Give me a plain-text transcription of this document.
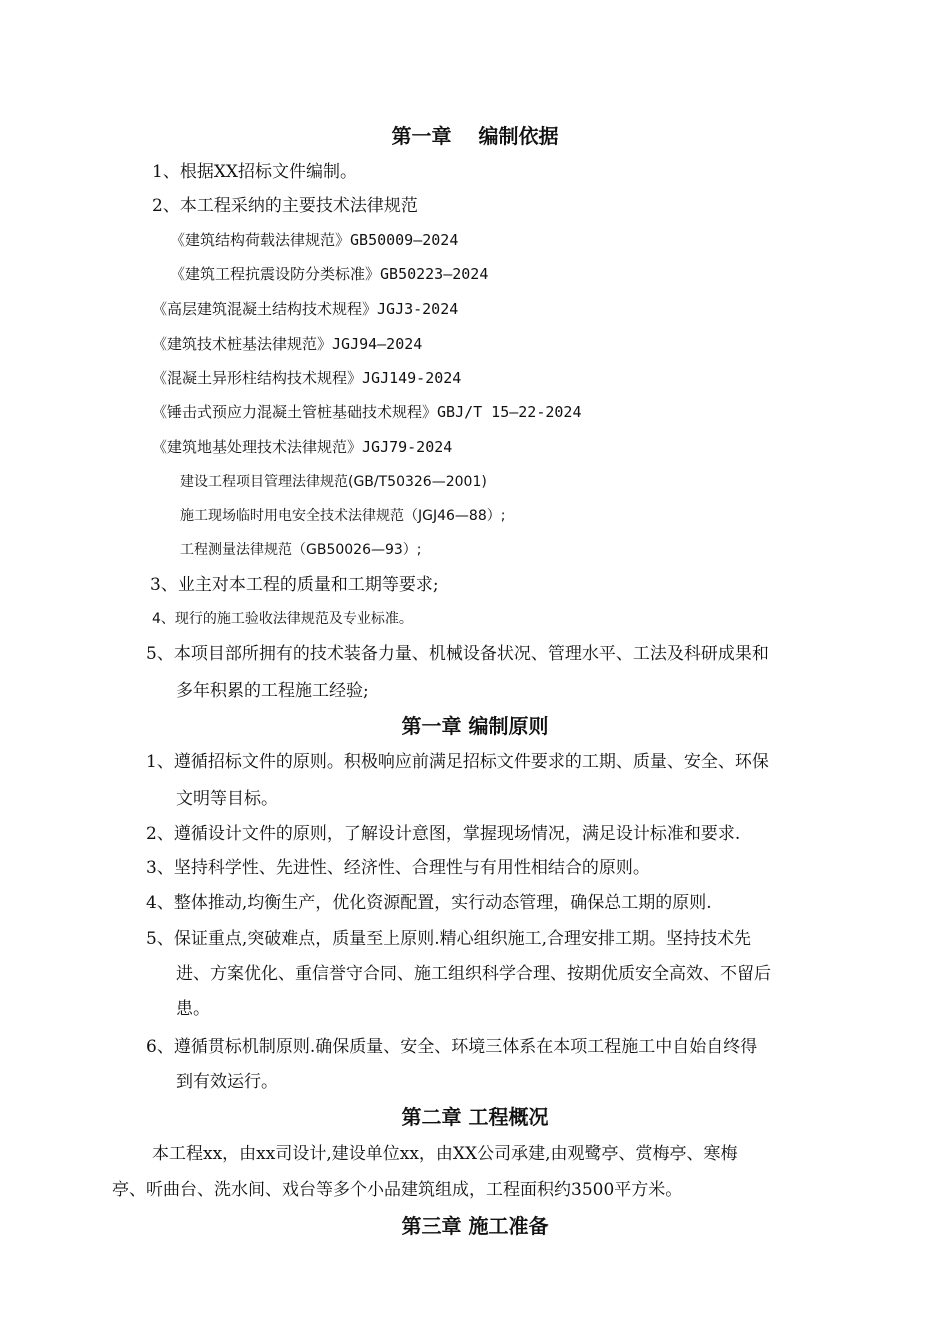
第一章　 编制依据
1、根据XX招标文件编制。
2、本工程采纳的主要技术法律规范
《建筑结构荷载法律规范》GB50009—2024
《建筑工程抗震设防分类标准》GB50223—2024
《高层建筑混凝土结构技术规程》JGJ3-2024
《建筑技术桩基法律规范》JGJ94—2024
《混凝土异形柱结构技术规程》JGJ149-2024
《锤击式预应力混凝土管桩基础技术规程》GBJ/T 15—22-2024
《建筑地基处理技术法律规范》JGJ79-2024
建设工程项目管理法律规范(GB/T50326—2001)
施工现场临时用电安全技术法律规范（JGJ46—88）;
工程测量法律规范（GB50026—93）;
3、业主对本工程的质量和工期等要求;
4、现行的施工验收法律规范及专业标准。
5、本项目部所拥有的技术装备力量、机械设备状况、管理水平、工法及科研成果和
多年积累的工程施工经验;
第一章 编制原则
1、遵循招标文件的原则。积极响应前满足招标文件要求的工期、质量、安全、环保
文明等目标。
2、遵循设计文件的原则，了解设计意图，掌握现场情况，满足设计标准和要求.
3、坚持科学性、先进性、经济性、合理性与有用性相结合的原则。
4、整体推动,均衡生产，优化资源配置，实行动态管理，确保总工期的原则.
5、保证重点,突破难点，质量至上原则.精心组织施工,合理安排工期。坚持技术先
进、方案优化、重信誉守合同、施工组织科学合理、按期优质安全高效、不留后
患。
6、遵循贯标机制原则.确保质量、安全、环境三体系在本项工程施工中自始自终得
到有效运行。
第二章 工程概况
本工程xx，由xx司设计,建设单位xx，由XX公司承建,由观鹭亭、赏梅亭、寒梅
亭、听曲台、洗水间、戏台等多个小品建筑组成，工程面积约3500平方米。
第三章 施工准备
